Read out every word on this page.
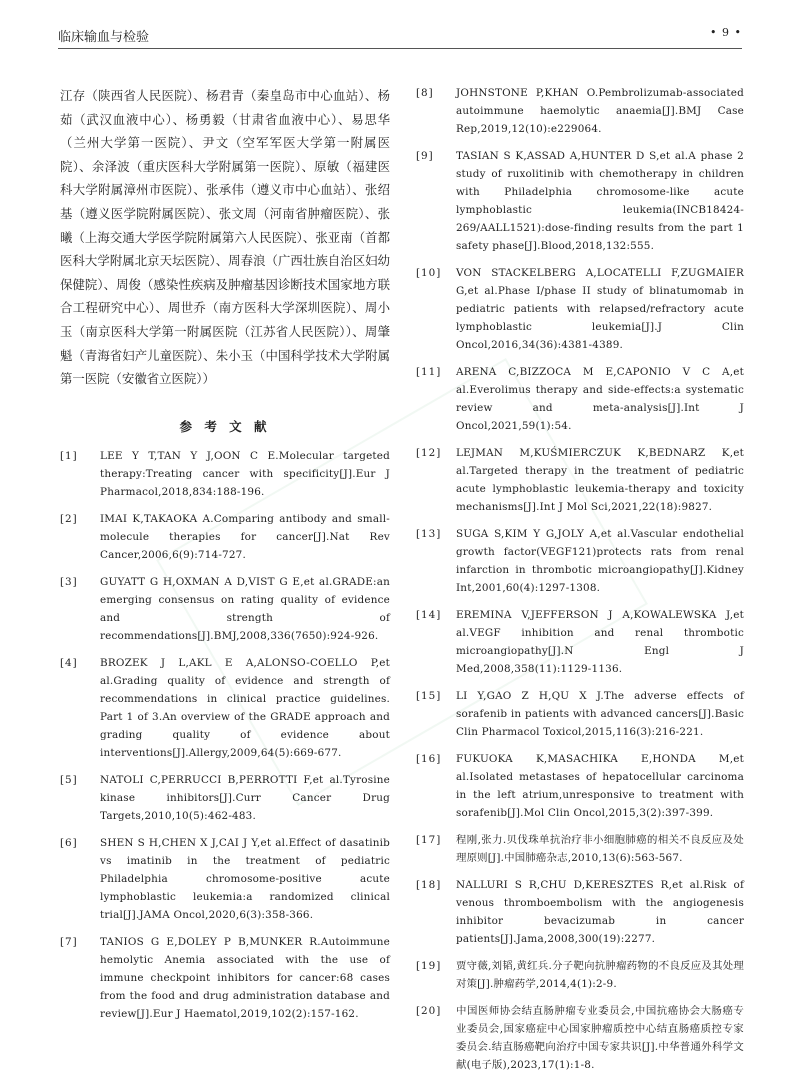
临床输血与检验	• 9 •

江存（陕西省人民医院）、杨君青（秦皇岛市中心血站）、杨茹（武汉血液中心）、杨勇毅（甘肃省血液中心）、易思华（兰州大学第一医院）、尹文（空军军医大学第一附属医院）、余泽波（重庆医科大学附属第一医院）、原敏（福建医科大学附属漳州市医院）、张承伟（遵义市中心血站）、张绍基（遵义医学院附属医院）、张文周（河南省肿瘤医院）、张曦（上海交通大学医学院附属第六人民医院）、张亚南（首都医科大学附属北京天坛医院）、周春浪（广西壮族自治区妇幼保健院）、周俊（感染性疾病及肿瘤基因诊断技术国家地方联合工程研究中心）、周世乔（南方医科大学深圳医院）、周小玉（南京医科大学第一附属医院（江苏省人民医院））、周肇魁（青海省妇产儿童医院）、朱小玉（中国科学技术大学附属第一医院（安徽省立医院））

参 考 文 献
[1] LEE Y T,TAN Y J,OON C E.Molecular targeted therapy:Treating cancer with specificity[J].Eur J Pharmacol,2018,834:188-196.
[2] IMAI K,TAKAOKA A.Comparing antibody and small-molecule therapies for cancer[J].Nat Rev Cancer,2006,6(9):714-727.
[3] GUYATT G H,OXMAN A D,VIST G E,et al.GRADE:an emerging consensus on rating quality of evidence and strength of recommendations[J].BMJ,2008,336(7650):924-926.
[4] BROZEK J L,AKL E A,ALONSO-COELLO P,et al.Grading quality of evidence and strength of recommendations in clinical practice guidelines. Part 1 of 3.An overview of the GRADE approach and grading quality of evidence about interventions[J].Allergy,2009,64(5):669-677.
[5] NATOLI C,PERRUCCI B,PERROTTI F,et al.Tyrosine kinase inhibitors[J].Curr Cancer Drug Targets,2010,10(5):462-483.
[6] SHEN S H,CHEN X J,CAI J Y,et al.Effect of dasatinib vs imatinib in the treatment of pediatric Philadelphia chromosome-positive acute lymphoblastic leukemia:a randomized clinical trial[J].JAMA Oncol,2020,6(3):358-366.
[7] TANIOS G E,DOLEY P B,MUNKER R.Autoimmune hemolytic Anemia associated with the use of immune checkpoint inhibitors for cancer:68 cases from the food and drug administration database and review[J].Eur J Haematol,2019,102(2):157-162.
[8] JOHNSTONE P,KHAN O.Pembrolizumab-associated autoimmune haemolytic anaemia[J].BMJ Case Rep,2019,12(10):e229064.
[9] TASIAN S K,ASSAD A,HUNTER D S,et al.A phase 2 study of ruxolitinib with chemotherapy in children with Philadelphia chromosome-like acute lymphoblastic leukemia(INCB18424-269/AALL1521):dose-finding results from the part 1 safety phase[J].Blood,2018,132:555.
[10] VON STACKELBERG A,LOCATELLI F,ZUGMAIER G,et al.Phase I/phase II study of blinatumomab in pediatric patients with relapsed/refractory acute lymphoblastic leukemia[J].J Clin Oncol,2016,34(36):4381-4389.
[11] ARENA C,BIZZOCA M E,CAPONIO V C A,et al.Everolimus therapy and side-effects:a systematic review and meta-analysis[J].Int J Oncol,2021,59(1):54.
[12] LEJMAN M,KUŚMIERCZUK K,BEDNARZ K,et al.Targeted therapy in the treatment of pediatric acute lymphoblastic leukemia-therapy and toxicity mechanisms[J].Int J Mol Sci,2021,22(18):9827.
[13] SUGA S,KIM Y G,JOLY A,et al.Vascular endothelial growth factor(VEGF121)protects rats from renal infarction in thrombotic microangiopathy[J].Kidney Int,2001,60(4):1297-1308.
[14] EREMINA V,JEFFERSON J A,KOWALEWSKA J,et al.VEGF inhibition and renal thrombotic microangiopathy[J].N Engl J Med,2008,358(11):1129-1136.
[15] LI Y,GAO Z H,QU X J.The adverse effects of sorafenib in patients with advanced cancers[J].Basic Clin Pharmacol Toxicol,2015,116(3):216-221.
[16] FUKUOKA K,MASACHIKA E,HONDA M,et al.Isolated metastases of hepatocellular carcinoma in the left atrium,unresponsive to treatment with sorafenib[J].Mol Clin Oncol,2015,3(2):397-399.
[17] 程刚,张力.贝伐珠单抗治疗非小细胞肺癌的相关不良反应及处理原则[J].中国肺癌杂志,2010,13(6):563-567.
[18] NALLURI S R,CHU D,KERESZTES R,et al.Risk of venous thromboembolism with the angiogenesis inhibitor bevacizumab in cancer patients[J].Jama,2008,300(19):2277.
[19] 贾守薇,刘韬,黄红兵.分子靶向抗肿瘤药物的不良反应及其处理对策[J].肿瘤药学,2014,4(1):2-9.
[20] 中国医师协会结直肠肿瘤专业委员会,中国抗癌协会大肠癌专业委员会,国家癌症中心国家肿瘤质控中心结直肠癌质控专家委员会.结直肠癌靶向治疗中国专家共识[J].中华普通外科学文献(电子版),2023,17(1):1-8.
